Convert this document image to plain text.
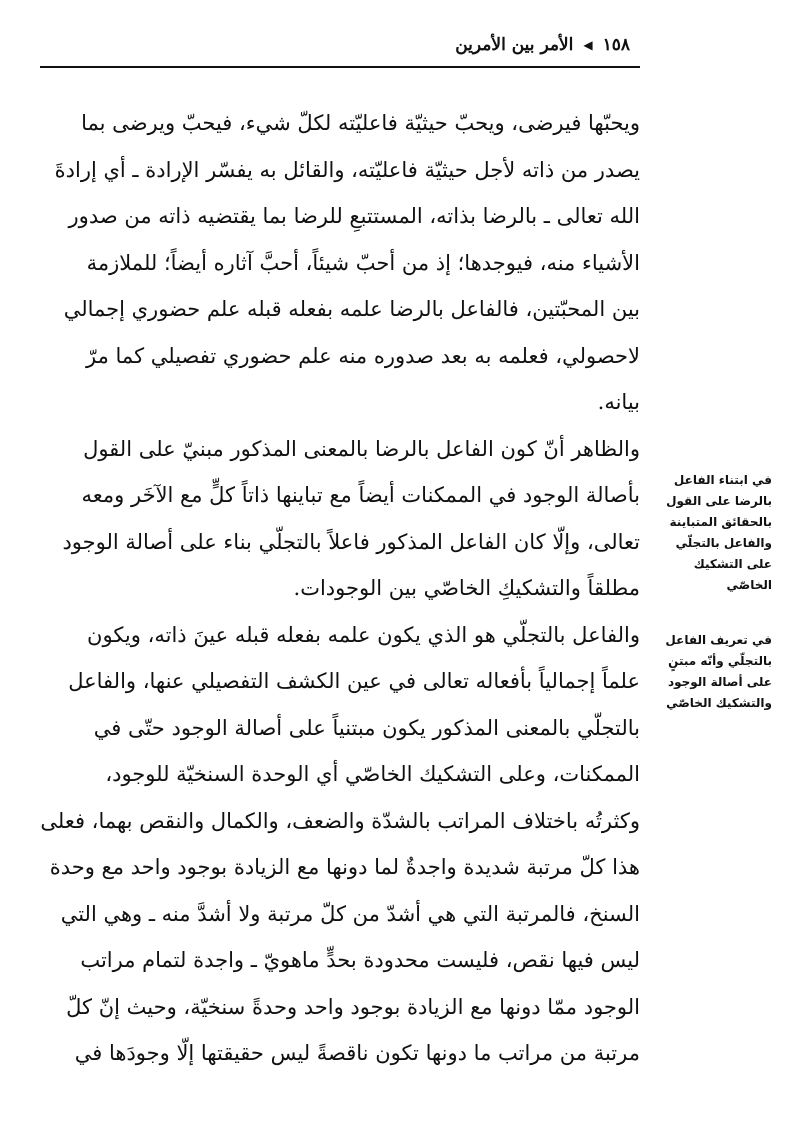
١٥٨
◀
الأمر بين الأمرين

ويحبّها فيرضى، ويحبّ حيثيّة فاعليّته لكلّ شيء، فيحبّ ويرضى بما
يصدر من ذاته لأجل حيثيّة فاعليّته، والقائل به يفسّر الإرادة ـ أي إرادةَ
الله تعالى ـ بالرضا بذاته، المستتبعِ للرضا بما يقتضيه ذاته من صدور
الأشياء منه، فيوجدها؛ إذ من أحبّ شيئاً، أحبَّ آثاره أيضاً؛ للملازمة
بين المحبّتين، فالفاعل بالرضا علمه بفعله قبله علم حضوري إجمالي
لاحصولي، فعلمه به بعد صدوره منه علم حضوري تفصيلي كما مرّ
بيانه.

والظاهر أنّ كون الفاعل بالرضا بالمعنى المذكور مبنيّ على القول
بأصالة الوجود في الممكنات أيضاً مع تباينها ذاتاً كلٍّ مع الآخَر ومعه
تعالى، وإلّا كان الفاعل المذكور فاعلاً بالتجلّي بناء على أصالة الوجود
مطلقاً والتشكيكِ الخاصّي بين الوجودات.

والفاعل بالتجلّي هو الذي يكون علمه بفعله قبله عينَ ذاته، ويكون
علماً إجمالياً بأفعاله تعالى في عين الكشف التفصيلي عنها، والفاعل
بالتجلّي بالمعنى المذكور يكون مبتنياً على أصالة الوجود حتّى في
الممكنات، وعلى التشكيك الخاصّي أي الوحدة السنخيّة للوجود،
وكثرتُه باختلاف المراتب بالشدّة والضعف، والكمال والنقص بهما، فعلى
هذا كلّ مرتبة شديدة واجدةٌ لما دونها مع الزيادة بوجود واحد مع وحدة
السنخ، فالمرتبة التي هي أشدّ من كلّ مرتبة ولا أشدَّ منه ـ وهي التي
ليس فيها نقص، فليست محدودة بحدٍّ ماهويّ ـ واجدة لتمام مراتب
الوجود ممّا دونها مع الزيادة بوجود واحد وحدةً سنخيّة، وحيث إنّ كلّ
مرتبة من مراتب ما دونها تكون ناقصةً ليس حقيقتها إلّا وجودَها في

في ابتناء الفاعل
بالرضا على القول
بالحقائق المتباينة
والفاعل بالتجلّي
على التشكيك
الخاصّي
في تعريف الفاعل
بالتجلّي وأنّه مبتنٍ
على أصالة الوجود
والتشكيك الخاصّي
